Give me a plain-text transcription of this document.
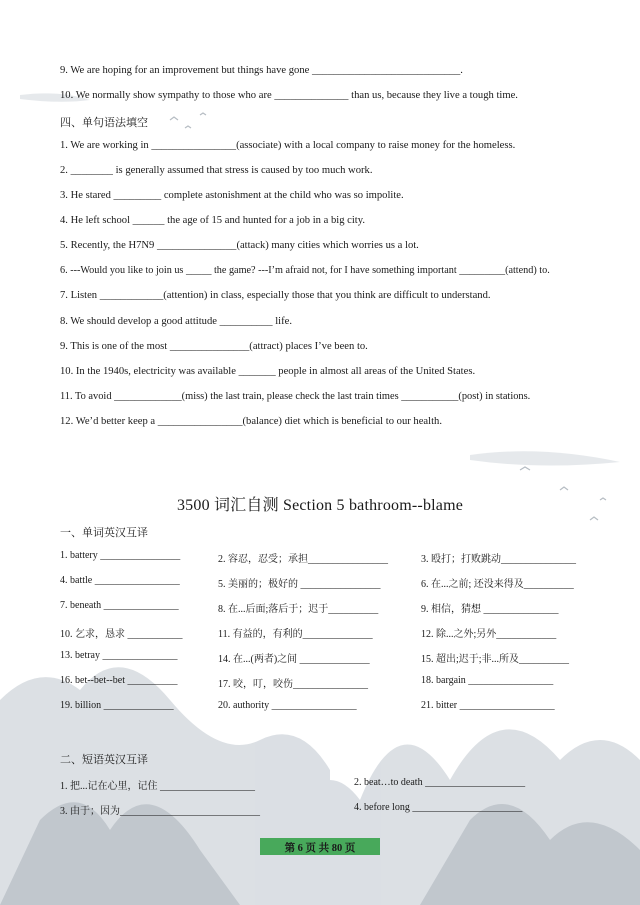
9. We are hoping for an improvement but things have gone ____________________________.
10. We normally show sympathy to those who are ______________ than us, because they live a tough time.
四、单句语法填空
1. We are working in ________________(associate) with a local company to raise money for the homeless.
2. ________ is generally assumed that stress is caused by too much work.
3. He stared _________ complete astonishment at the child who was so impolite.
4. He left school ______ the age of 15 and hunted for a job in a big city.
5. Recently, the H7N9 _______________(attack) many cities which worries us a lot.
6. ---Would you like to join us _____ the game? ---I’m afraid not, for I have something important _________(attend) to.
7. Listen ____________(attention) in class, especially those that you think are difficult to understand.
8. We should develop a good attitude __________ life.
9. This is one of the most _______________(attract) places I’ve been to.
10. In the 1940s, electricity was available _______ people in almost all areas of the United States.
11. To avoid _____________(miss) the last train, please check the last train times ___________(post) in stations.
12. We’d better keep a ________________(balance) diet which is beneficial to our health.
3500 词汇自测 Section 5 bathroom--blame
一、单词英汉互译
1. battery ________________	2. 容忍，忍受；承担________________	3. 殴打；打败跳动_______________
4. battle _________________	5. 美丽的；极好的 ________________	6. 在...之前; 还没来得及__________
7. beneath _______________	8. 在...后面;落后于；迟于__________	9. 相信，猜想 _______________
10. 乞求，恳求 ___________	11. 有益的，有利的______________	12. 除...之外;另外____________
13. betray _______________	14. 在...(两者)之间 ______________	15. 超出;迟于;非...所及__________
16. bet--bet--bet __________	17. 咬，叮，咬伤_______________	18. bargain _________________
19. billion ______________	20. authority _________________	21. bitter ___________________
二、短语英汉互译
1. 把...记在心里，记住 ___________________	2. beat…to death ____________________
3. 由于；因为____________________________	4. before long ______________________
第 6 页 共 80 页
